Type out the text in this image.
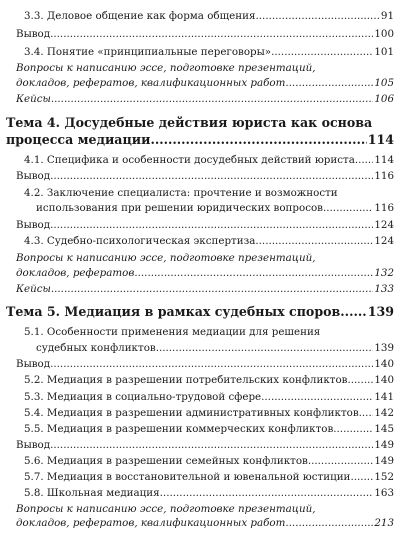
3.3. Деловое общение как форма общения .....	91
Вывод .....	100
3.4. Понятие «принципиальные переговоры» .....	101
Вопросы к написанию эссе, подготовке презентаций,
докладов, рефератов, квалификационных работ .....	105
Кейсы .....	106
Тема 4. Досудебные действия юриста как основа
процесса медиации .....	114
4.1. Специфика и особенности досудебных действий юриста ..... 114
Вывод .....	116
4.2. Заключение специалиста: прочтение и возможности
использования при решении юридических вопросов .....	116
Вывод .....	124
4.3. Судебно-психологическая экспертиза .....	124
Вопросы к написанию эссе, подготовке презентаций,
докладов, рефератов .....	132
Кейсы .....	133
Тема 5. Медиация в рамках судебных споров ..... 139
5.1. Особенности применения медиации для решения
судебных конфликтов .....	139
Вывод .....	140
5.2. Медиация в разрешении потребительских конфликтов .....	140
5.3. Медиация в социально-трудовой сфере .....	141
5.4. Медиация в разрешении административных конфликтов ..... 142
5.5. Медиация в разрешении коммерческих конфликтов .....	145
Вывод .....	149
5.6. Медиация в разрешении семейных конфликтов .....	149
5.7. Медиация в восстановительной и ювенальной юстиции ..... 152
5.8. Школьная медиация .....	163
Вопросы к написанию эссе, подготовке презентаций,
докладов, рефератов, квалификационных работ .....	213
